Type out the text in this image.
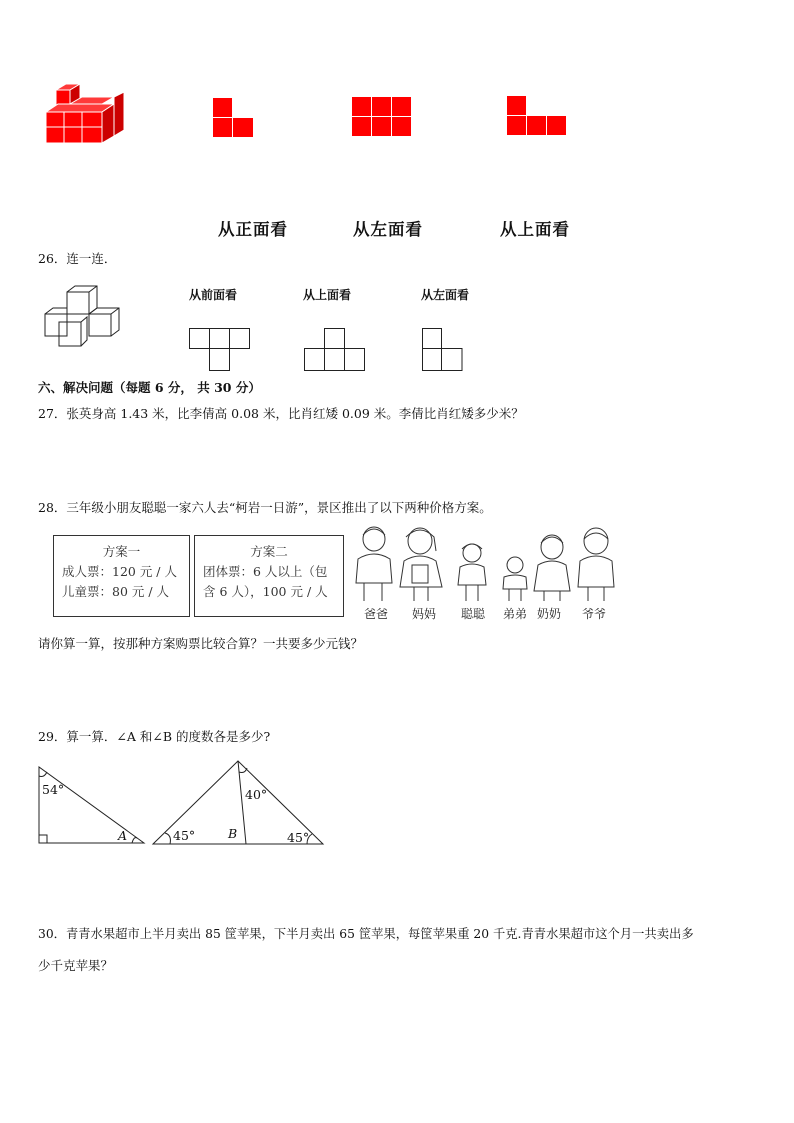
从正面看	从左面看	从上面看
26．连一连．
从前面看	从上面看	从左面看
六、解决问题（每题 6 分， 共 30 分）
27．张英身高 1.43 米，比李倩高 0.08 米，比肖红矮 0.09 米。李倩比肖红矮多少米？
28．三年级小朋友聪聪一家六人去“柯岩一日游”，景区推出了以下两种价格方案。
方案一
成人票：120 元 / 人
儿童票：80 元 / 人
方案二
团体票：6 人以上（包
含 6 人），100 元 / 人
爸爸 妈妈 聪聪 弟弟 奶奶 爷爷
请你算一算，按那种方案购票比较合算？一共要多少元钱？
29．算一算．∠A 和∠B 的度数各是多少?
54°
A	45°
40°
B	45°
30．青青水果超市上半月卖出 85 筐苹果，下半月卖出 65 筐苹果，每筐苹果重 20 千克.青青水果超市这个月一共卖出多
少千克苹果？
